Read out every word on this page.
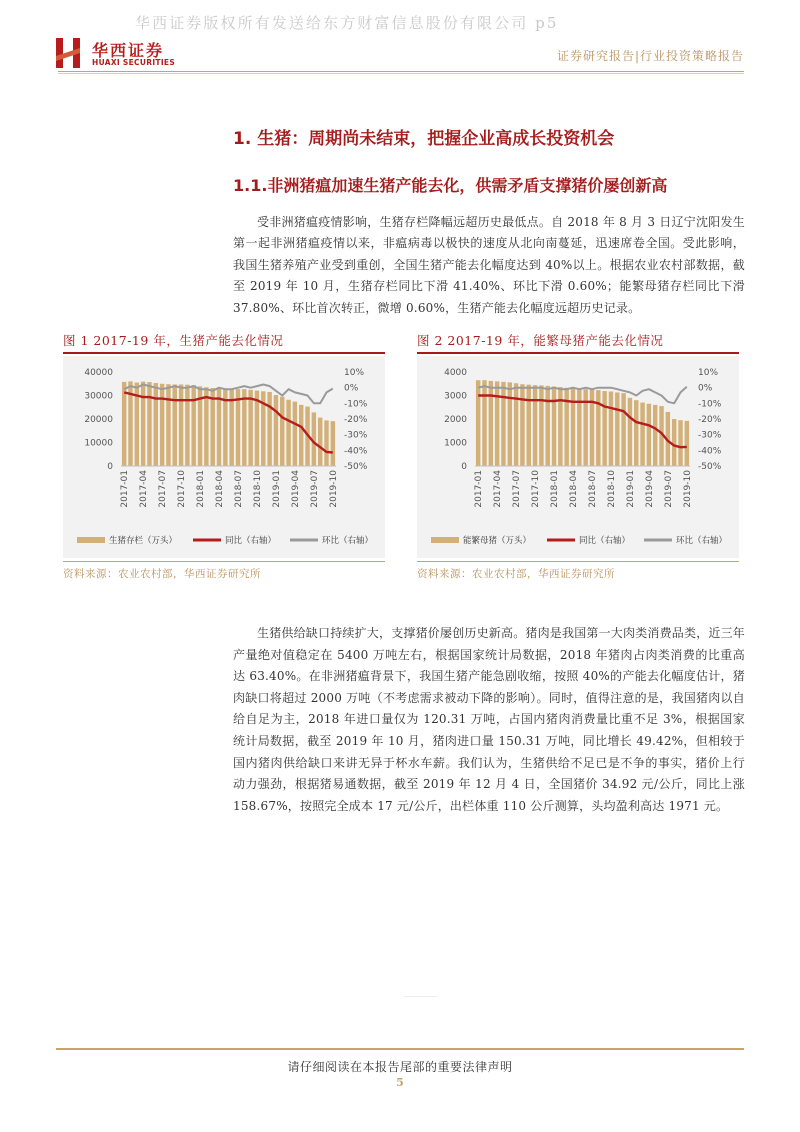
华西证券版权所有发送给东方财富信息股份有限公司 p5
华西证券
HUAXI SECURITIES	证券研究报告|行业投资策略报告
1. 生猪：周期尚未结束，把握企业高成长投资机会
1.1.非洲猪瘟加速生猪产能去化，供需矛盾支撑猪价屡创新高

受非洲猪瘟疫情影响，生猪存栏降幅远超历史最低点。自 2018 年 8 月 3 日辽宁沈阳发生第一起非洲猪瘟疫情以来，非瘟病毒以极快的速度从北向南蔓延，迅速席卷全国。受此影响，我国生猪养殖产业受到重创，全国生猪产能去化幅度达到 40%以上。根据农业农村部数据，截至 2019 年 10 月，生猪存栏同比下滑 41.40%、环比下滑 0.60%；能繁母猪存栏同比下滑 37.80%、环比首次转正，微增 0.60%，生猪产能去化幅度远超历史记录。

图 1 2017-19 年，生猪产能去化情况
0
10000
20000
30000
40000	10%
0%
-10%
-20%
-30%
-40%
-50%
2017-01 2017-04 2017-07 2017-10 2018-01 2018-04 2018-07 2018-10 2019-01 2019-04 2019-07 2019-10
生猪存栏（万头）	同比（右轴）	环比（右轴）
资料来源：农业农村部，华西证券研究所
图 2 2017-19 年，能繁母猪产能去化情况
0
1000
2000
3000
4000	10%
0%
-10%
-20%
-30%
-40%
-50%
2017-01 2017-04 2017-07 2017-10 2018-01 2018-04 2018-07 2018-10 2019-01 2019-04 2019-07 2019-10
能繁母猪（万头）	同比（右轴）	环比（右轴）
资料来源：农业农村部，华西证券研究所

生猪供给缺口持续扩大，支撑猪价屡创历史新高。猪肉是我国第一大肉类消费品类，近三年产量绝对值稳定在 5400 万吨左右，根据国家统计局数据，2018 年猪肉占肉类消费的比重高达 63.40%。在非洲猪瘟背景下，我国生猪产能急剧收缩，按照 40%的产能去化幅度估计，猪肉缺口将超过 2000 万吨（不考虑需求被动下降的影响）。同时，值得注意的是，我国猪肉以自给自足为主，2018 年进口量仅为 120.31 万吨，占国内猪肉消费量比重不足 3%，根据国家统计局数据，截至 2019 年 10 月，猪肉进口量 150.31 万吨，同比增长 49.42%，但相较于国内猪肉供给缺口来讲无异于杯水车薪。我们认为，生猪供给不足已是不争的事实，猪价上行动力强劲，根据猪易通数据，截至 2019 年 12 月 4 日，全国猪价 34.92 元/公斤，同比上涨 158.67%，按照完全成本 17 元/公斤，出栏体重 110 公斤测算，头均盈利高达 1971 元。

请仔细阅读在本报告尾部的重要法律声明
5
